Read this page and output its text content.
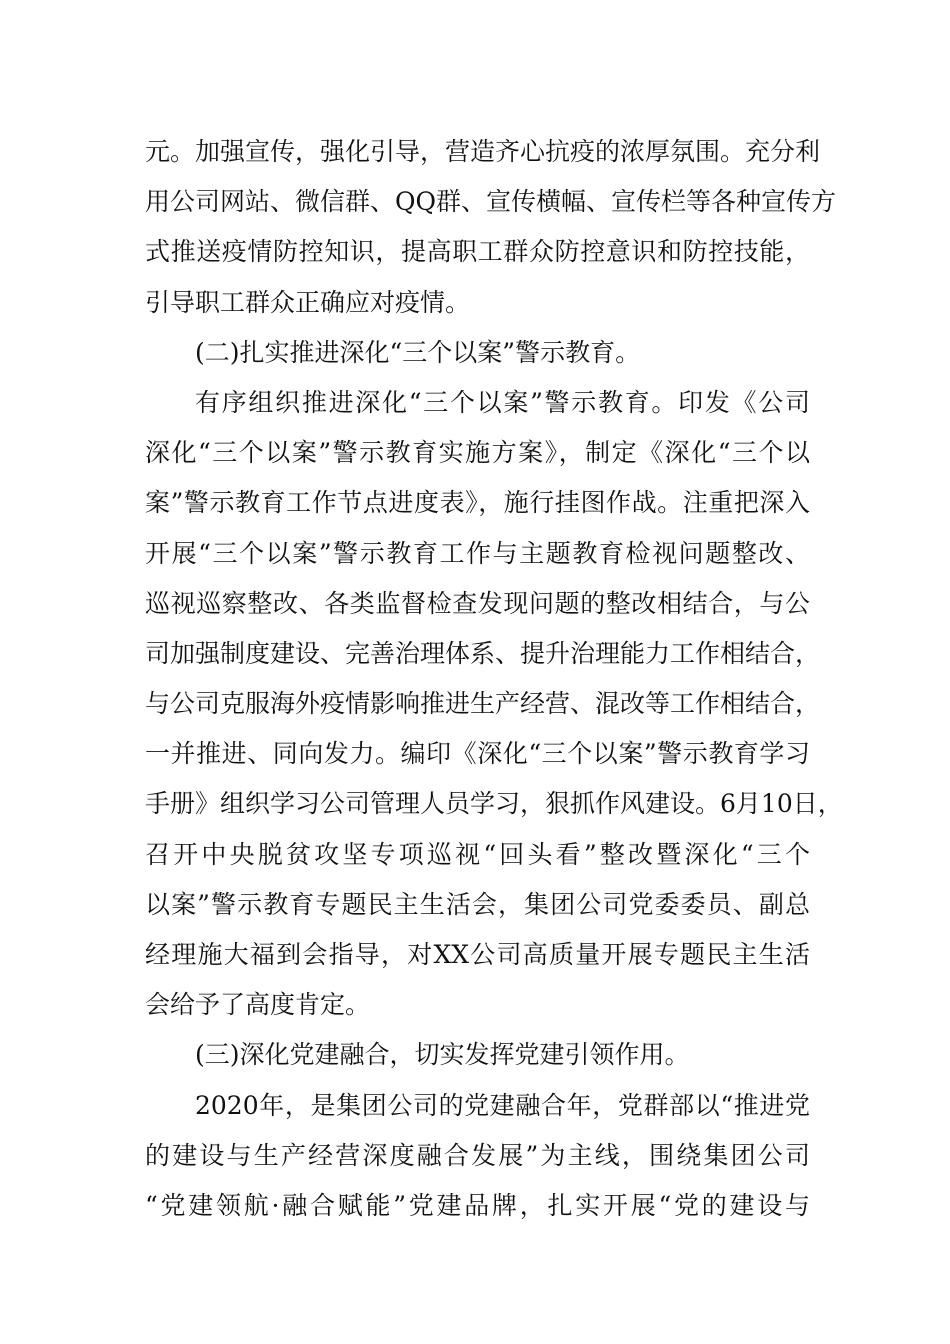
元。加强宣传，强化引导，营造齐心抗疫的浓厚氛围。充分利
用公司网站、微信群、QQ群、宣传横幅、宣传栏等各种宣传方
式推送疫情防控知识，提高职工群众防控意识和防控技能，
引导职工群众正确应对疫情。
(二)扎实推进深化“三个以案”警示教育。
有序组织推进深化“三个以案”警示教育。印发《公司
深化“三个以案”警示教育实施方案》，制定《深化“三个以
案”警示教育工作节点进度表》，施行挂图作战。注重把深入
开展“三个以案”警示教育工作与主题教育检视问题整改、
巡视巡察整改、各类监督检查发现问题的整改相结合，与公
司加强制度建设、完善治理体系、提升治理能力工作相结合，
与公司克服海外疫情影响推进生产经营、混改等工作相结合，
一并推进、同向发力。编印《深化“三个以案”警示教育学习
手册》组织学习公司管理人员学习，狠抓作风建设。6月10日，
召开中央脱贫攻坚专项巡视“回头看”整改暨深化“三个
以案”警示教育专题民主生活会，集团公司党委委员、副总
经理施大福到会指导，对XX公司高质量开展专题民主生活
会给予了高度肯定。
(三)深化党建融合，切实发挥党建引领作用。
2020年，是集团公司的党建融合年，党群部以“推进党
的建设与生产经营深度融合发展”为主线，围绕集团公司
“党建领航·融合赋能”党建品牌，扎实开展“党的建设与
